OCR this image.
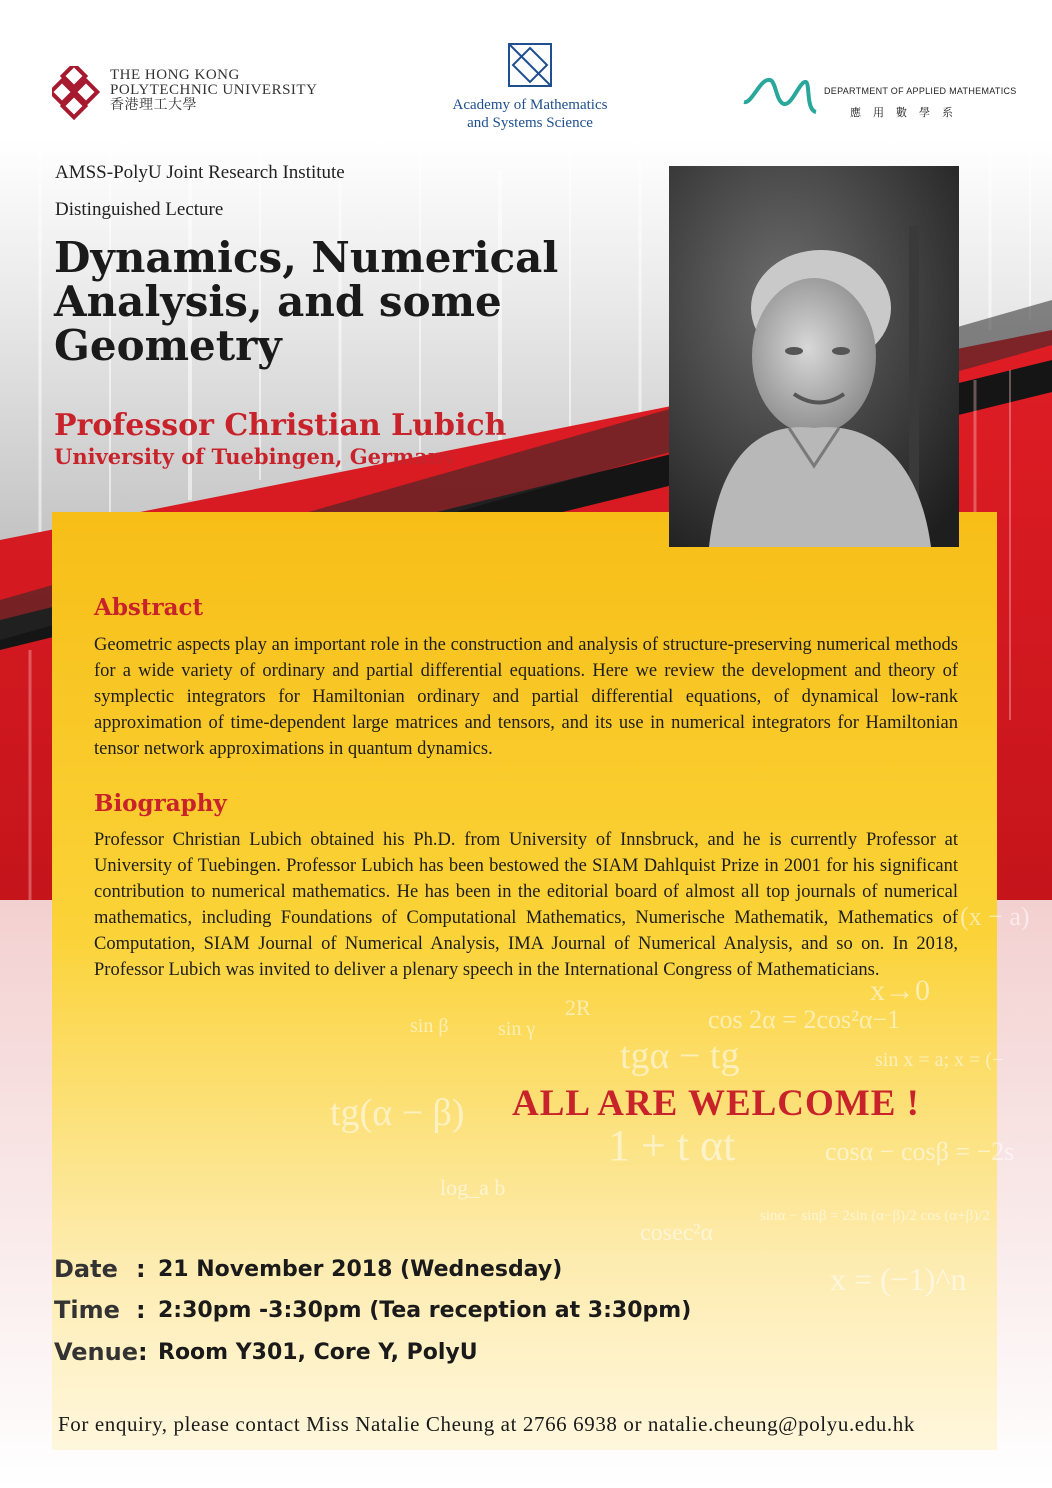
x→0
cos 2α = 2cos²α−1
sin β sin γ
2R
tgα − tg
1 + t αt
sin x = a; x = (−
cosα − cosβ = −2s
tg(α − β)
log_a b
sinα − sinβ = 2sin (α−β)/2 cos (α+β)/2
x = (−1)^n
cosec²α
(x − a)
THE HONG KONG
POLYTECHNIC UNIVERSITY
香港理工大學	Academy of Mathematics
and Systems Science
DEPARTMENT OF APPLIED MATHEMATICS
應用數學系
AMSS-PolyU Joint Research Institute
Distinguished Lecture
Dynamics, Numerical
Analysis, and some
Geometry
Professor Christian Lubich
University of Tuebingen, Germany
Abstract
Geometric aspects play an important role in the construction and analysis of structure-preserving numerical methods for a wide variety of ordinary and partial differential equations. Here we review the development and theory of symplectic integrators for Hamiltonian ordinary and partial differential equations, of dynamical low-rank approximation of time-dependent large matrices and tensors, and its use in numerical integrators for Hamiltonian tensor network approximations in quantum dynamics.
Biography
Professor Christian Lubich obtained his Ph.D. from University of Innsbruck, and he is currently Professor at University of Tuebingen. Professor Lubich has been bestowed the SIAM Dahlquist Prize in 2001 for his significant contribution to numerical mathematics. He has been in the editorial board of almost all top journals of numerical mathematics, including Foundations of Computational Mathematics, Numerische Mathematik, Mathematics of Computation, SIAM Journal of Numerical Analysis, IMA Journal of Numerical Analysis, and so on. In 2018, Professor Lubich was invited to deliver a plenary speech in the International Congress of Mathematicians.
ALL ARE WELCOME !
Date : 21 November 2018 (Wednesday)
Time : 2:30pm -3:30pm (Tea reception at 3:30pm)
Venue : Room Y301, Core Y, PolyU
For enquiry, please contact Miss Natalie Cheung at 2766 6938 or natalie.cheung@polyu.edu.hk
